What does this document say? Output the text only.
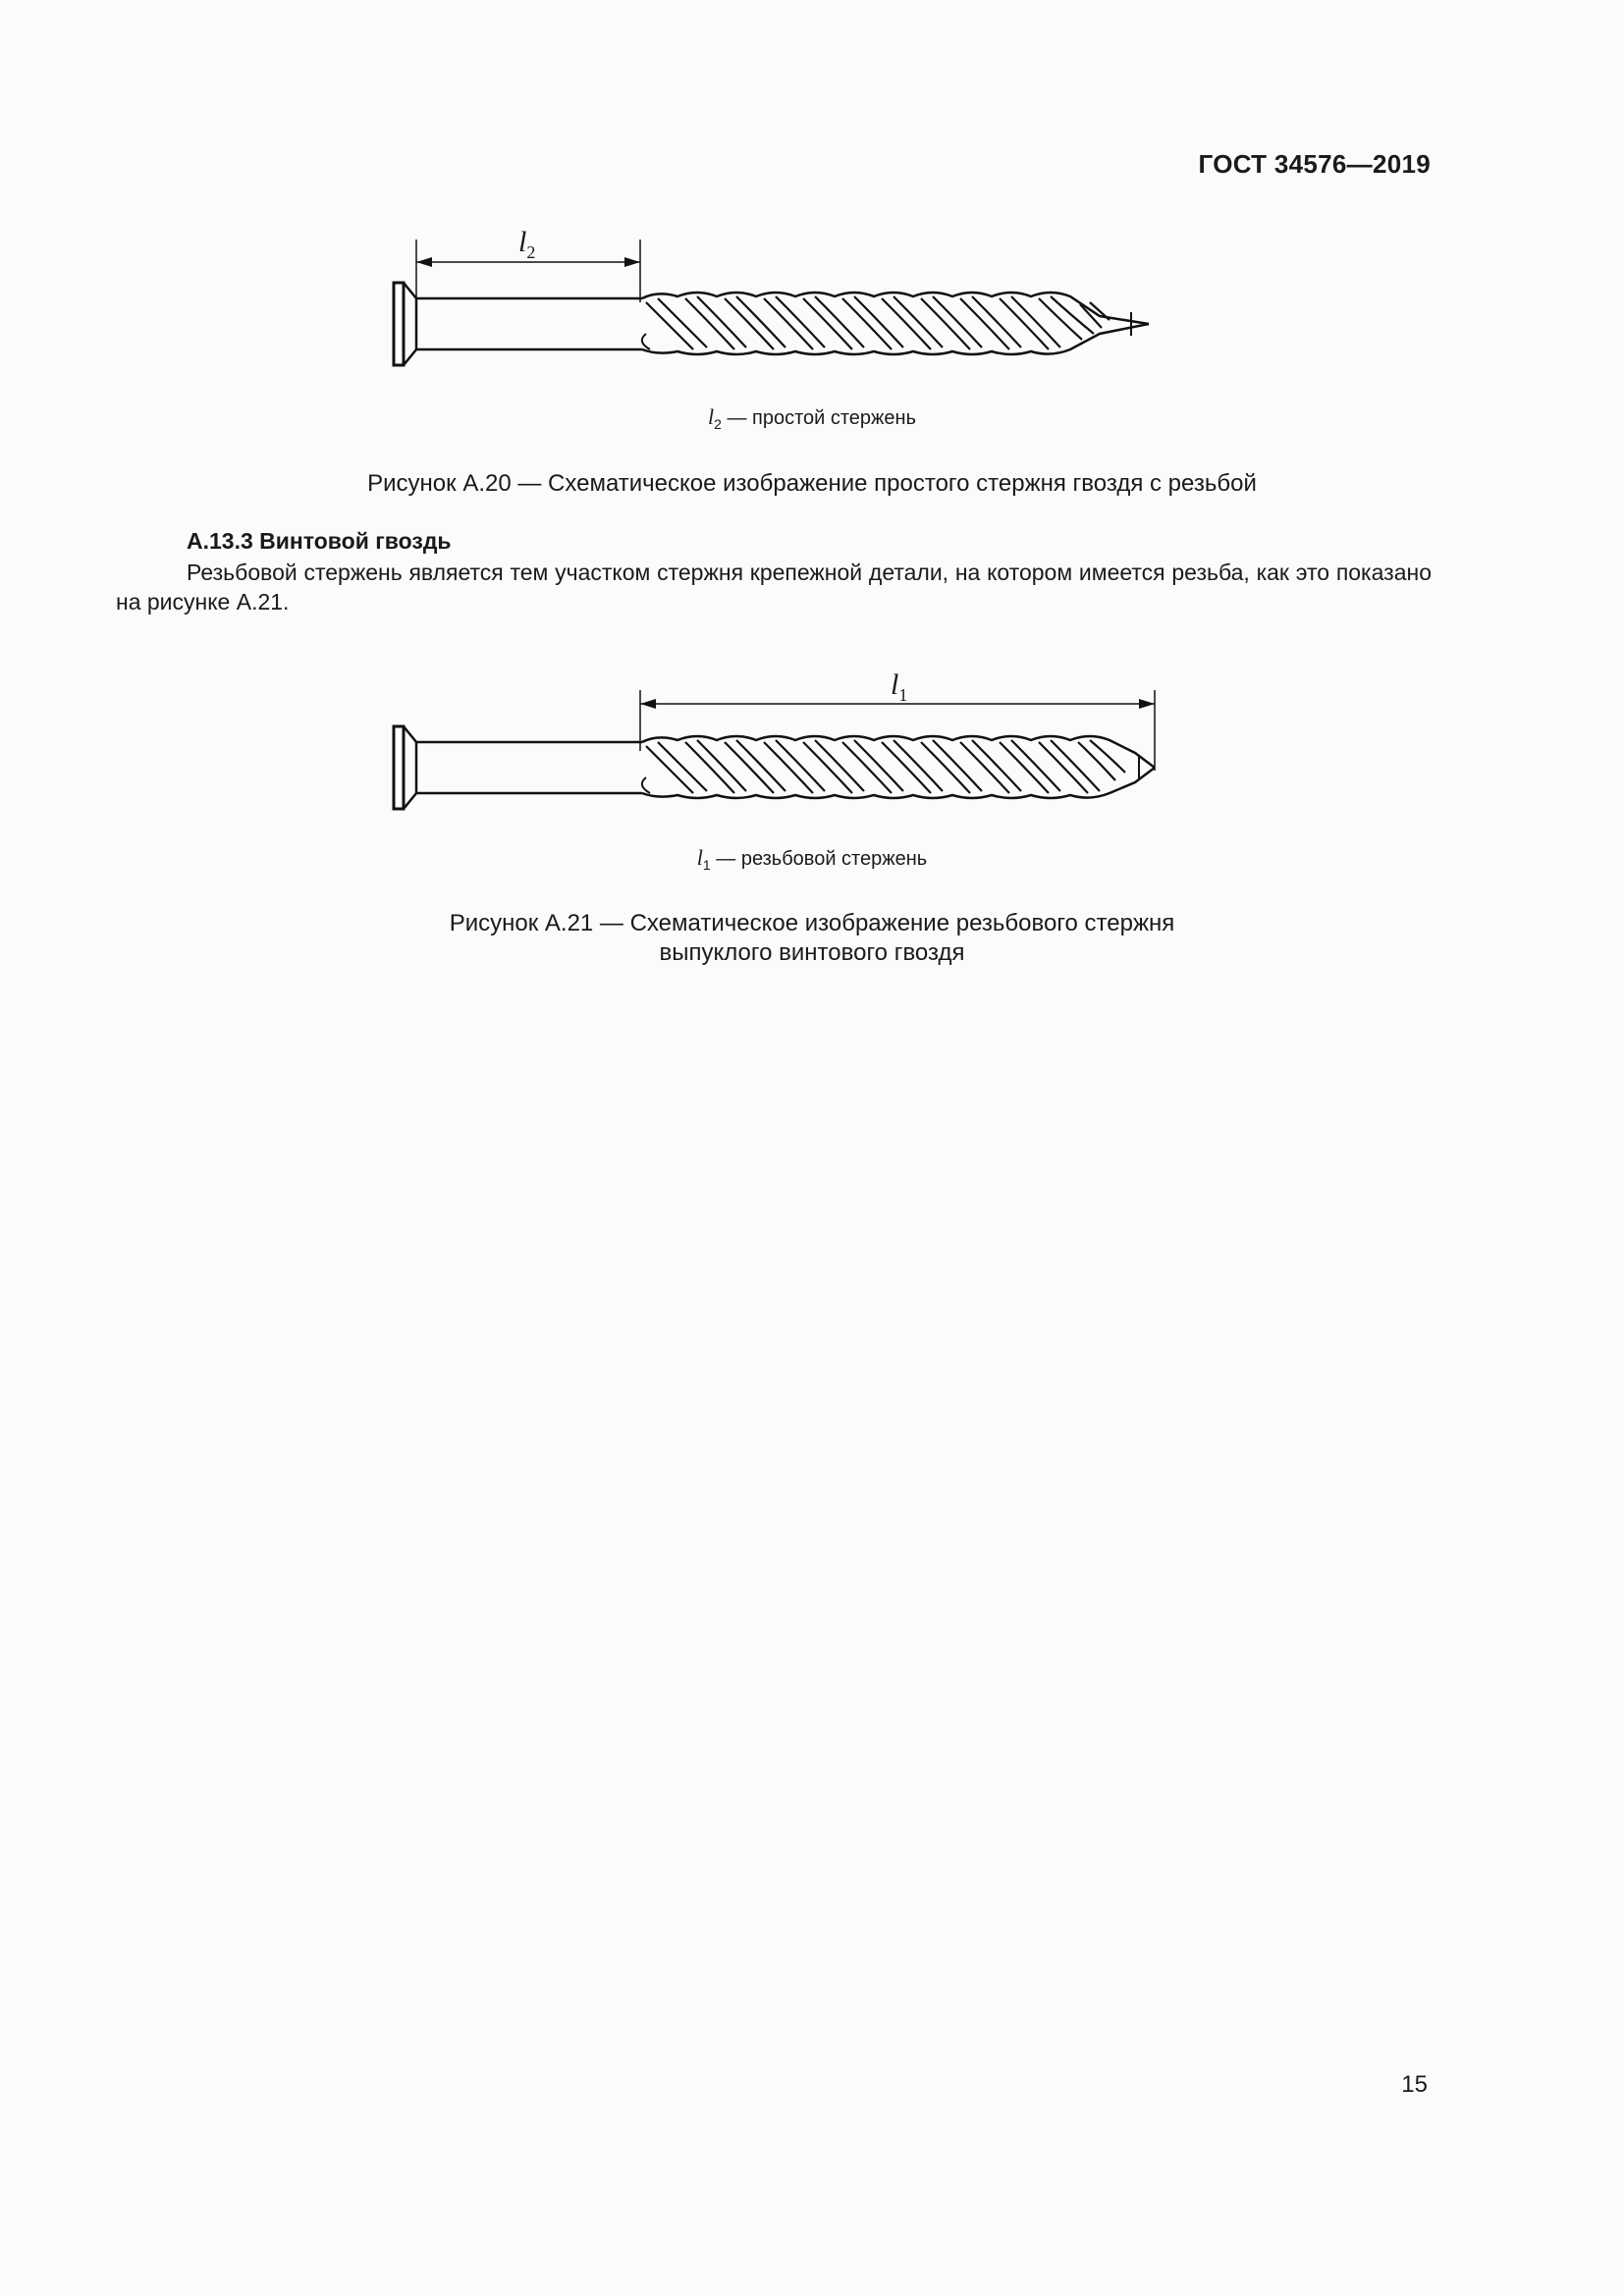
ГОСТ 34576—2019
$l_2$
$l_2$ — простой стержень
Рисунок А.20 — Схематическое изображение простого стержня гвоздя с резьбой
А.13.3 Винтовой гвоздь
Резьбовой стержень является тем участком стержня крепежной детали, на котором имеется резьба, как это показано на рисунке А.21.
$l_1$
$l_1$ — резьбовой стержень
Рисунок А.21 — Схематическое изображение резьбового стержня
выпуклого винтового гвоздя
15
